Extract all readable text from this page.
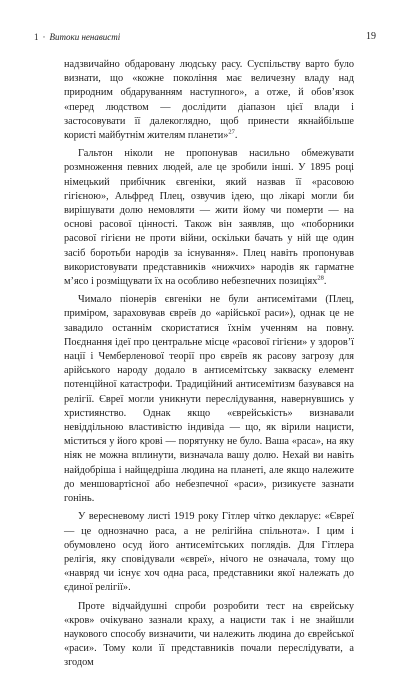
1 · Витоки ненависті	19

надзвичайно обдаровану людську расу. Суспільству варто було визнати, що «кожне покоління має величезну владу над природним обдаруванням наступного», а отже, й обов’язок «перед людством — дослідити діапазон цієї влади і застосовувати її далекоглядно, щоб принести якнайбільше користі майбутнім жителям планети»$^{27}$.

Гальтон ніколи не пропонував насильно обмежувати розмноження певних людей, але це зробили інші. У 1895 році німецький прибічник євгеніки, який назвав її «расовою гігієною», Альфред Плец, озвучив ідею, що лікарі могли би вирішувати долю немовляти — жити йому чи померти — на основі расової цінності. Також він заявляв, що «поборники расової гігієни не проти війни, оскільки бачать у ній ще один засіб боротьби народів за існування». Плец навіть пропонував використовувати представників «нижчих» народів як гарматне м’ясо і розміщувати їх на особливо небезпечних позиціях$^{28}$.

Чимало піонерів євгеніки не були антисемітами (Плец, приміром, зараховував євреїв до «арійської раси»), однак це не завадило останнім скористатися їхнім ученням на повну. Поєднання ідеї про центральне місце «расової гігієни» у здоров’ї нації і Чемберленової теорії про євреїв як расову загрозу для арійського народу додало в антисемітську закваску елемент потенційної катастрофи. Традиційний антисемітизм базувався на релігії. Євреї могли уникнути переслідування, навернувшись у християнство. Однак якщо «єврейськість» визнавали невіддільною властивістю індивіда — що, як вірили нацисти, міститься у його крові — порятунку не було. Ваша «раса», на яку ніяк не можна вплинути, визначала вашу долю. Нехай ви навіть найдобріша і найщедріша людина на планеті, але якщо належите до меншовартісної або небезпечної «раси», ризикуєте зазнати гонінь.

У вересневому листі 1919 року Гітлер чітко декларує: «Євреї — це однозначно раса, а не релігійна спільнота». І цим і обумовлено осуд його антисемітських поглядів. Для Гітлера релігія, яку сповідували «євреї», нічого не означала, тому що «навряд чи існує хоч одна раса, представники якої належать до єдиної релігії».

Проте відчайдушні спроби розробити тест на єврейську «кров» очікувано зазнали краху, а нацисти так і не знайшли наукового способу визначити, чи належить людина до єврейської «раси». Тому коли її представників почали переслідувати, а згодом
